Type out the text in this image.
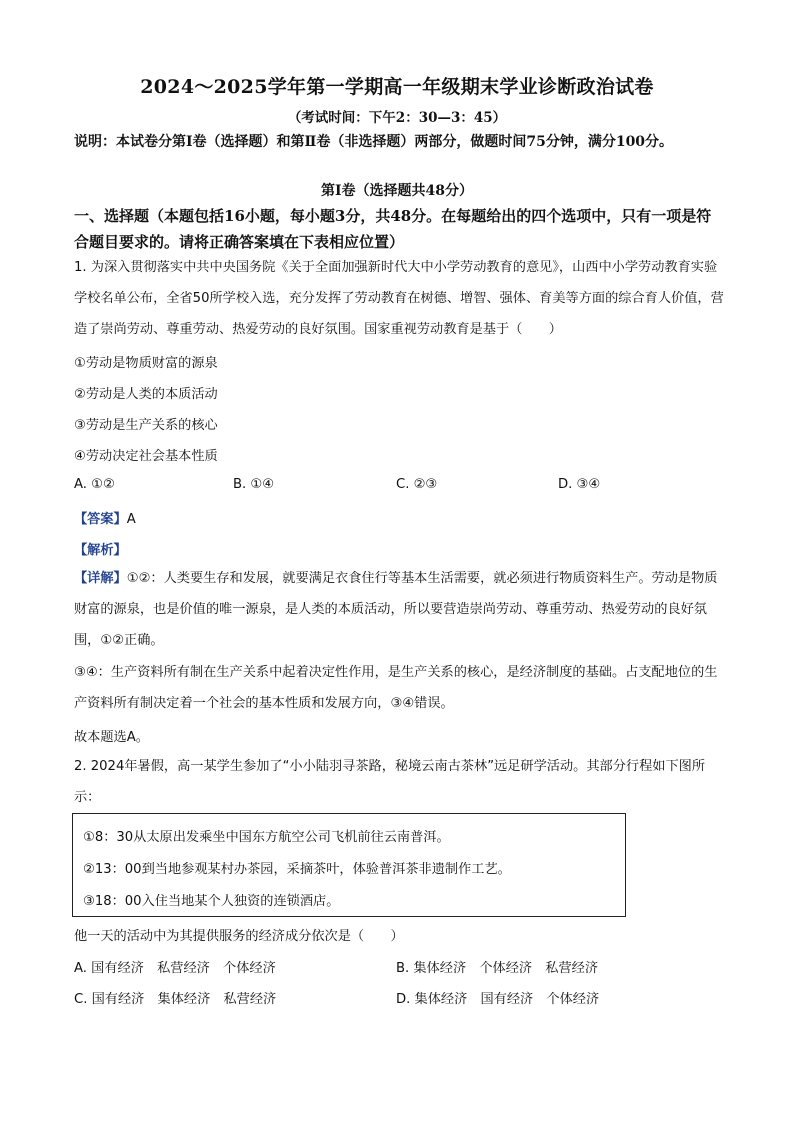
2024～2025学年第一学期高一年级期末学业诊断政治试卷
（考试时间：下午2：30—3：45）
说明：本试卷分第Ⅰ卷（选择题）和第Ⅱ卷（非选择题）两部分，做题时间75分钟，满分100分。
第Ⅰ卷（选择题共48分）
一、选择题（本题包括16小题，每小题3分，共48分。在每题给出的四个选项中，只有一项是符合题目要求的。请将正确答案填在下表相应位置）
1. 为深入贯彻落实中共中央国务院《关于全面加强新时代大中小学劳动教育的意见》，山西中小学劳动教育实验学校名单公布，全省50所学校入选，充分发挥了劳动教育在树德、增智、强体、育美等方面的综合育人价值，营造了崇尚劳动、尊重劳动、热爱劳动的良好氛围。国家重视劳动教育是基于（　　）
①劳动是物质财富的源泉
②劳动是人类的本质活动
③劳动是生产关系的核心
④劳动决定社会基本性质
A. ①②	B. ①④	C. ②③	D. ③④
【答案】A
【解析】
【详解】①②：人类要生存和发展，就要满足衣食住行等基本生活需要，就必须进行物质资料生产。劳动是物质财富的源泉，也是价值的唯一源泉，是人类的本质活动，所以要营造崇尚劳动、尊重劳动、热爱劳动的良好氛围，①②正确。
③④：生产资料所有制在生产关系中起着决定性作用，是生产关系的核心，是经济制度的基础。占支配地位的生产资料所有制决定着一个社会的基本性质和发展方向，③④错误。
故本题选A。
2. 2024年暑假，高一某学生参加了“小小陆羽寻茶路，秘境云南古茶林”远足研学活动。其部分行程如下图所示：
①8：30从太原出发乘坐中国东方航空公司飞机前往云南普洱。
②13：00到当地参观某村办茶园，采摘茶叶，体验普洱茶非遗制作工艺。
③18：00入住当地某个人独资的连锁酒店。
他一天的活动中为其提供服务的经济成分依次是（　　）
A. 国有经济　私营经济　个体经济	B. 集体经济　个体经济　私营经济
C. 国有经济　集体经济　私营经济	D. 集体经济　国有经济　个体经济
